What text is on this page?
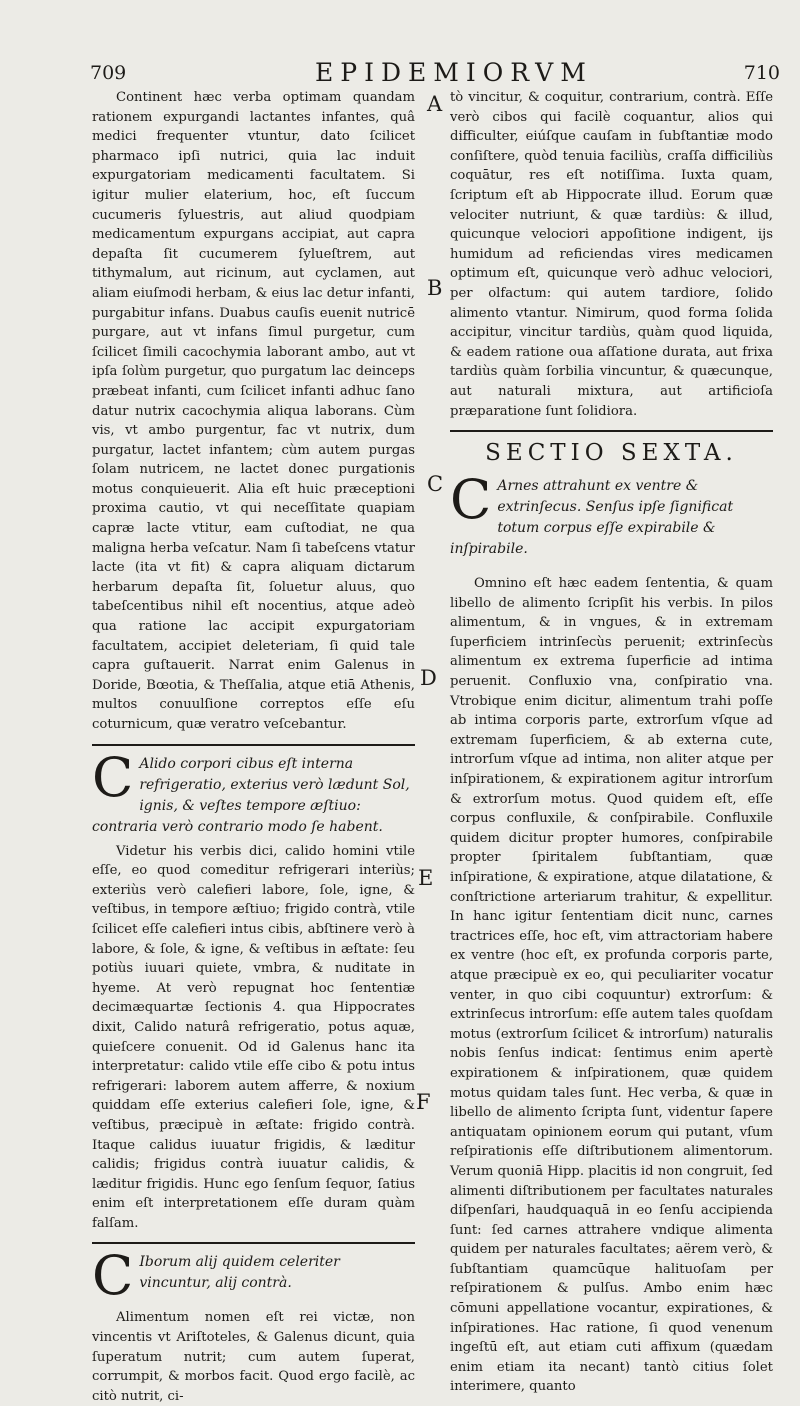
709	EPIDEMIORVM	710
A
B
C
D
E
F

Continent hæc verba optimam quandam rationem expurgandi lactantes infantes, quâ medici frequenter vtuntur, dato ſcilicet pharmaco ipſi nutrici, quia lac induit expurgatoriam medicamenti facultatem. Si igitur mulier elaterium, hoc, eſt ſuccum cucumeris ſyluestris, aut aliud quodpiam medicamentum expurgans accipiat, aut capra depaſta ſit cucumerem ſylueſtrem, aut tithymalum, aut ricinum, aut cyclamen, aut aliam eiuſmodi herbam, & eius lac detur infanti, purgabitur infans. Duabus cauſis euenit nutricē purgare, aut vt infans ſimul purgetur, cum ſcilicet ſimili cacochymia laborant ambo, aut vt ipſa ſolùm purgetur, quo purgatum lac deinceps præbeat infanti, cum ſcilicet infanti adhuc ſano datur nutrix cacochymia aliqua laborans. Cùm vis, vt ambo purgentur, fac vt nutrix, dum purgatur, lactet infantem; cùm autem purgas ſolam nutricem, ne lactet donec purgationis motus conquieuerit. Alia eſt huic præceptioni proxima cautio, vt qui neceſſitate quapiam capræ lacte vtitur, eam cuſtodiat, ne qua maligna herba veſcatur. Nam ſi tabeſcens vtatur lacte (ita vt fit) & capra aliquam dictarum herbarum depaſta ſit, ſoluetur aluus, quo tabeſcentibus nihil eſt nocentius, atque adeò qua ratione lac accipit expurgatoriam facultatem, accipiet deleteriam, ſi quid tale capra guſtauerit. Narrat enim Galenus in Doride, Bœotia, & Theſſalia, atque etiā Athenis, multos conuulſione correptos eſſe eſu coturnicum, quæ veratro veſcebantur.

C Alido corpori cibus eſt interna refrigeratio, exterius verò lædunt Sol, ignis, & veſtes tempore æſtiuo: contraria verò contrario modo ſe habent.

Videtur his verbis dici, calido homini vtile eſſe, eo quod comeditur refrigerari interiùs; exteriùs verò calefieri labore, ſole, igne, & veſtibus, in tempore æſtiuo; frigido contrà, vtile ſcilicet eſſe calefieri intus cibis, abſtinere verò à labore, & ſole, & igne, & veſtibus in æſtate: ſeu potiùs iuuari quiete, vmbra, & nuditate in hyeme. At verò repugnat hoc ſententiæ decimæquartæ ſectionis 4. qua Hippocrates dixit, Calido naturâ refrigeratio, potus aquæ, quieſcere conuenit. Od id Galenus hanc ita interpretatur: calido vtile eſſe cibo & potu intus refrigerari: laborem autem afferre, & noxium quiddam eſſe exterius calefieri ſole, igne, & veſtibus, præcipuè in æſtate: frigido contrà. Itaque calidus iuuatur frigidis, & læditur calidis; frigidus contrà iuuatur calidis, & læditur frigidis. Hunc ego ſenſum ſequor, ſatius enim eſt interpretationem eſſe duram quàm falſam.

C Iborum alij quidem celeriter vincuntur, alij contrà.

Alimentum nomen eſt rei victæ, non vincentis vt Ariſtoteles, & Galenus dicunt, quia ſuperatum nutrit; cum autem ſuperat, corrumpit, & morbos facit. Quod ergo facilè, ac citò nutrit, ci-

tò vincitur, & coquitur, contrarium, contrà. Eſſe verò cibos qui facilè coquantur, alios qui difficulter, eiúſque cauſam in ſubſtantiæ modo conſiſtere, quòd tenuia faciliùs, craſſa difficiliùs coquātur, res eſt notiſſima. Iuxta quam, ſcriptum eſt ab Hippocrate illud. Eorum quæ velociter nutriunt, & quæ tardiùs: & illud, quicunque velociori appoſitione indigent, ijs humidum ad reficiendas vires medicamen optimum eſt, quicunque verò adhuc velociori, per olfactum: qui autem tardiore, ſolido alimento vtantur. Nimirum, quod forma ſolida accipitur, vincitur tardiùs, quàm quod liquida, & eadem ratione oua aſſatione durata, aut frixa tardiùs quàm ſorbilia vincuntur, & quæcunque, aut naturali mixtura, aut artificioſa præparatione ſunt ſolidiora.

SECTIO SEXTA.
C Arnes attrahunt ex ventre & extrinſecus. Senſus ipſe ſignificat totum corpus eſſe expirabile & inſpirabile.

Omnino eſt hæc eadem ſententia, & quam libello de alimento ſcripſit his verbis. In pilos alimentum, & in vngues, & in extremam ſuperficiem intrinſecùs peruenit; extrinſecùs alimentum ex extrema ſuperficie ad intima peruenit. Confluxio vna, conſpiratio vna. Vtrobique enim dicitur, alimentum trahi poſſe ab intima corporis parte, extrorſum vſque ad extremam ſuperficiem, & ab externa cute, introrſum vſque ad intima, non aliter atque per inſpirationem, & expirationem agitur introrſum & extrorſum motus. Quod quidem eſt, eſſe corpus confluxile, & conſpirabile. Confluxile quidem dicitur propter humores, conſpirabile propter ſpiritalem ſubſtantiam, quæ inſpiratione, & expiratione, atque dilatatione, & conſtrictione arteriarum trahitur, & expellitur. In hanc igitur ſententiam dicit nunc, carnes tractrices eſſe, hoc eſt, vim attractoriam habere ex ventre (hoc eſt, ex profunda corporis parte, atque præcipuè ex eo, qui peculiariter vocatur venter, in quo cibi coquuntur) extrorſum: & extrinſecus introrſum: eſſe autem tales quoſdam motus (extrorſum ſcilicet & introrſum) naturalis nobis ſenſus indicat: ſentimus enim apertè expirationem & inſpirationem, quæ quidem motus quidam tales ſunt. Hec verba, & quæ in libello de alimento ſcripta ſunt, videntur ſapere antiquatam opinionem eorum qui putant, vſum reſpirationis eſſe diſtributionem alimentorum. Verum quoniā Hipp. placitis id non congruit, ſed alimenti diſtributionem per facultates naturales diſpenſari, haudquaquā in eo ſenſu accipienda ſunt: ſed carnes attrahere vndique alimenta quidem per naturales facultates; aërem verò, & ſubſtantiam quamcūque halituoſam per reſpirationem & pulſus. Ambo enim hæc cōmuni appellatione vocantur, expirationes, & inſpirationes. Hac ratione, ſi quod venenum ingeſtū eſt, aut etiam cuti affixum (quædam enim etiam ita necant) tantò citius ſolet interimere, quanto
